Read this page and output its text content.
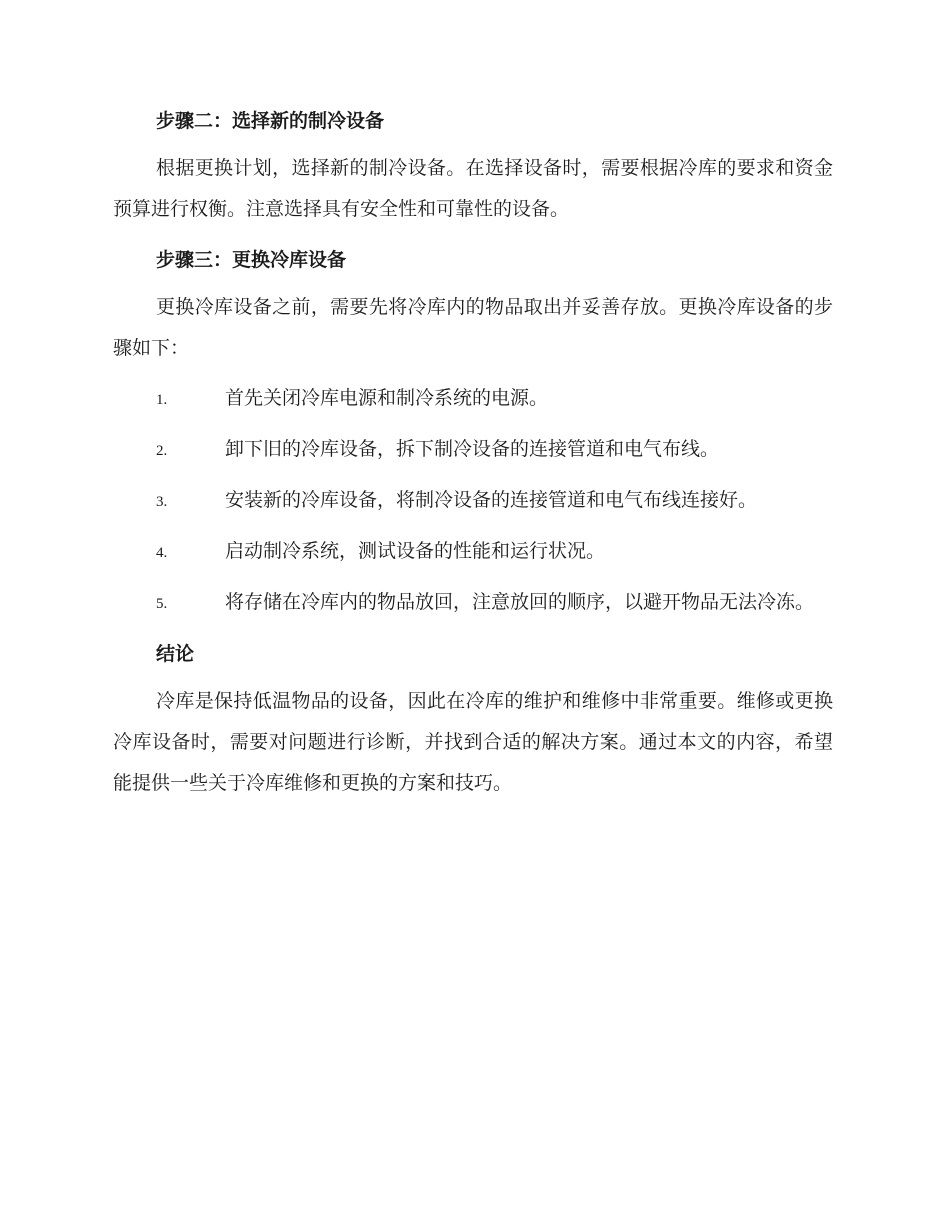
步骤二：选择新的制冷设备
根据更换计划，选择新的制冷设备。在选择设备时，需要根据冷库的要求和资金预算进行权衡。注意选择具有安全性和可靠性的设备。
步骤三：更换冷库设备
更换冷库设备之前，需要先将冷库内的物品取出并妥善存放。更换冷库设备的步骤如下：
1.	首先关闭冷库电源和制冷系统的电源。
2.	卸下旧的冷库设备，拆下制冷设备的连接管道和电气布线。
3.	安装新的冷库设备，将制冷设备的连接管道和电气布线连接好。
4.	启动制冷系统，测试设备的性能和运行状况。
5.	将存储在冷库内的物品放回，注意放回的顺序，以避开物品无法冷冻。
结论
冷库是保持低温物品的设备，因此在冷库的维护和维修中非常重要。维修或更换冷库设备时，需要对问题进行诊断，并找到合适的解决方案。通过本文的内容，希望能提供一些关于冷库维修和更换的方案和技巧。
